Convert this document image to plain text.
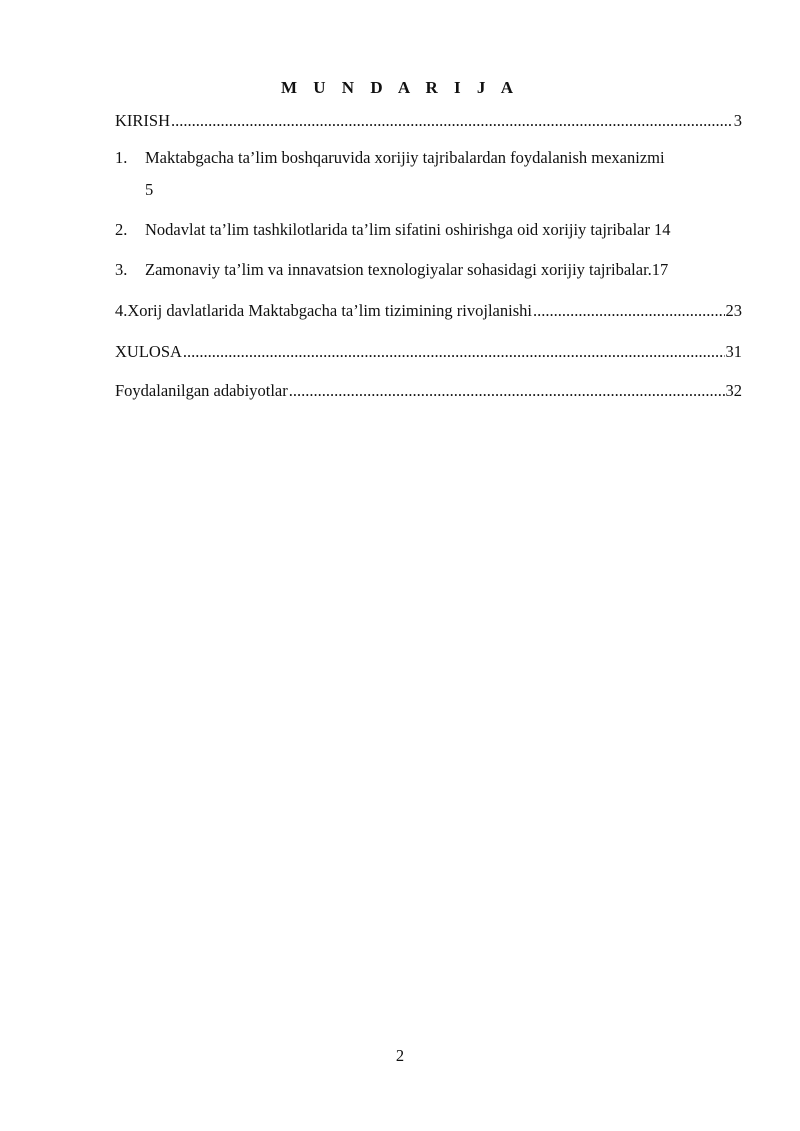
M U N D A R I J A
KIRISH .....	3
1.	Maktabgacha ta’lim boshqaruvida xorijiy tajribalardan foydalanish mexanizmi
5
2.	Nodavlat ta’lim tashkilotlarida ta’lim sifatini oshirishga oid xorijiy tajribalar 14
3.	Zamonaviy ta’lim va innavatsion texnologiyalar sohasidagi xorijiy tajribalar. 17
4. Xorij davlatlarida Maktabgacha ta’lim tizimining rivojlanishi .....	23
XULOSA .....	31
Foydalanilgan adabiyotlar .....	32
2
